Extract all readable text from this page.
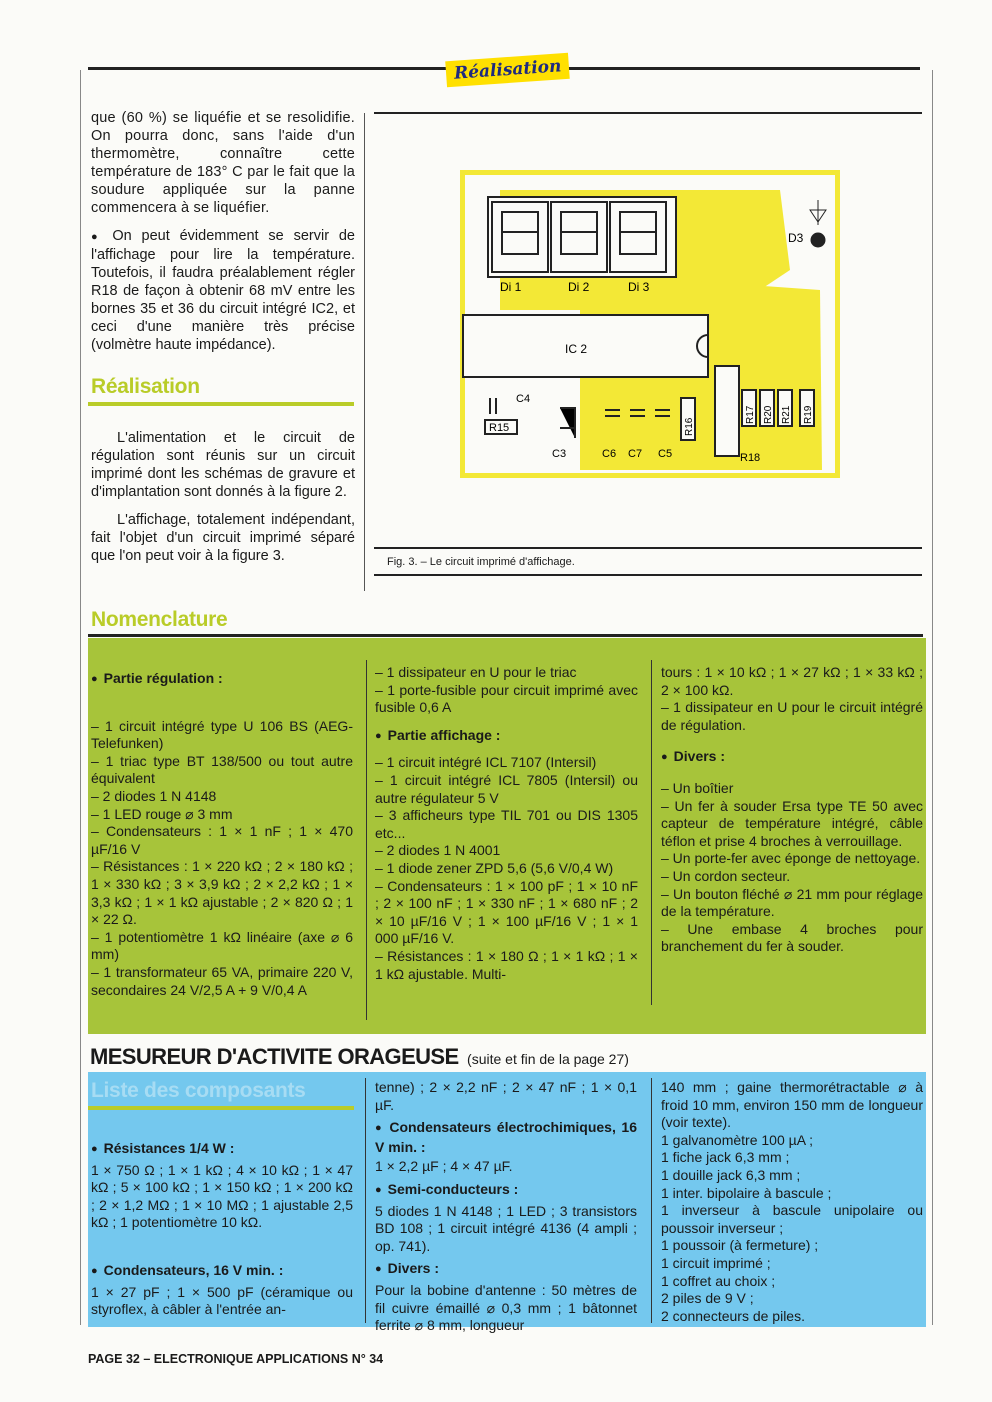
Réalisation

que (60 %) se liquéfie et se resolidifie. On pourra donc, sans l'aide d'un thermomètre, connaître cette température de 183° C par le fait que la soudure appliquée sur la panne commencera à se liquéfier.

● On peut évidemment se servir de l'affichage pour lire la température. Toutefois, il faudra préalablement régler R18 de façon à obtenir 68 mV entre les bornes 35 et 36 du circuit intégré IC2, et ceci d'une manière très précise (volmètre haute impédance).

Réalisation

L'alimentation et le circuit de régulation sont réunis sur un circuit imprimé dont les schémas de gravure et d'implantation sont donnés à la figure 2.

L'affichage, totalement indépendant, fait l'objet d'un circuit imprimé séparé que l'on peut voir à la figure 3.

Di 1	Di 2	Di 3
D3
IC 2
C4
R15
C3	C6 C7 C5
R16
R18
R17 R20 R21 R19
Fig. 3. – Le circuit imprimé d'affichage.
Nomenclature
● Partie régulation :
– 1 circuit intégré type U 106 BS (AEG-Telefunken)
– 1 triac type BT 138/500 ou tout autre équivalent
– 2 diodes 1 N 4148
– 1 LED rouge ⌀ 3 mm
– Condensateurs : 1 × 1 nF ; 1 × 470 µF/16 V
– Résistances : 1 × 220 kΩ ; 2 × 180 kΩ ; 1 × 330 kΩ ; 3 × 3,9 kΩ ; 2 × 2,2 kΩ ; 1 × 3,3 kΩ ; 1 × 1 kΩ ajustable ; 2 × 820 Ω ; 1 × 22 Ω.
– 1 potentiomètre 1 kΩ linéaire (axe ⌀ 6 mm)
– 1 transformateur 65 VA, primaire 220 V, secondaires 24 V/2,5 A + 9 V/0,4 A
– 1 dissipateur en U pour le triac
– 1 porte-fusible pour circuit imprimé avec fusible 0,6 A
● Partie affichage :
– 1 circuit intégré ICL 7107 (Intersil)
– 1 circuit intégré ICL 7805 (Intersil) ou autre régulateur 5 V
– 3 afficheurs type TIL 701 ou DIS 1305 etc...
– 2 diodes 1 N 4001
– 1 diode zener ZPD 5,6 (5,6 V/0,4 W)
– Condensateurs : 1 × 100 pF ; 1 × 10 nF ; 2 × 100 nF ; 1 × 330 nF ; 1 × 680 nF ; 2 × 10 µF/16 V ; 1 × 100 µF/16 V ; 1 × 1 000 µF/16 V.
– Résistances : 1 × 180 Ω ; 1 × 1 kΩ ; 1 × 1 kΩ ajustable. Multi-
tours : 1 × 10 kΩ ; 1 × 27 kΩ ; 1 × 33 kΩ ; 2 × 100 kΩ.
– 1 dissipateur en U pour le circuit intégré de régulation.
● Divers :
– Un boîtier
– Un fer à souder Ersa type TE 50 avec capteur de température intégré, câble téflon et prise 4 broches à verrouillage.
– Un porte-fer avec éponge de nettoyage.
– Un cordon secteur.
– Un bouton fléché ⌀ 21 mm pour réglage de la température.
– Une embase 4 broches pour branchement du fer à souder.
MESUREUR D'ACTIVITE ORAGEUSE (suite et fin de la page 27)
Liste des composants
● Résistances 1/4 W :
1 × 750 Ω ; 1 × 1 kΩ ; 4 × 10 kΩ ; 1 × 47 kΩ ; 5 × 100 kΩ ; 1 × 150 kΩ ; 1 × 200 kΩ ; 2 × 1,2 MΩ ; 1 × 10 MΩ ; 1 ajustable 2,5 kΩ ; 1 potentiomètre 10 kΩ.
● Condensateurs, 16 V min. :
1 × 27 pF ; 1 × 500 pF (céramique ou styroflex, à câbler à l'entrée an-
tenne) ; 2 × 2,2 nF ; 2 × 47 nF ; 1 × 0,1 µF.
● Condensateurs électrochimiques, 16 V min. :
1 × 2,2 µF ; 4 × 47 µF.
● Semi-conducteurs :
5 diodes 1 N 4148 ; 1 LED ; 3 transistors BD 108 ; 1 circuit intégré 4136 (4 ampli ; op. 741).
● Divers :
Pour la bobine d'antenne : 50 mètres de fil cuivre émaillé ⌀ 0,3 mm ; 1 bâtonnet ferrite ⌀ 8 mm, longueur
140 mm ; gaine thermorétractable ⌀ à froid 10 mm, environ 150 mm de longueur (voir texte).
1 galvanomètre 100 µA ;
1 fiche jack 6,3 mm ;
1 douille jack 6,3 mm ;
1 inter. bipolaire à bascule ;
1 inverseur à bascule unipolaire ou poussoir inverseur ;
1 poussoir (à fermeture) ;
1 circuit imprimé ;
1 coffret au choix ;
2 piles de 9 V ;
2 connecteurs de piles.
PAGE 32 – ELECTRONIQUE APPLICATIONS N° 34
